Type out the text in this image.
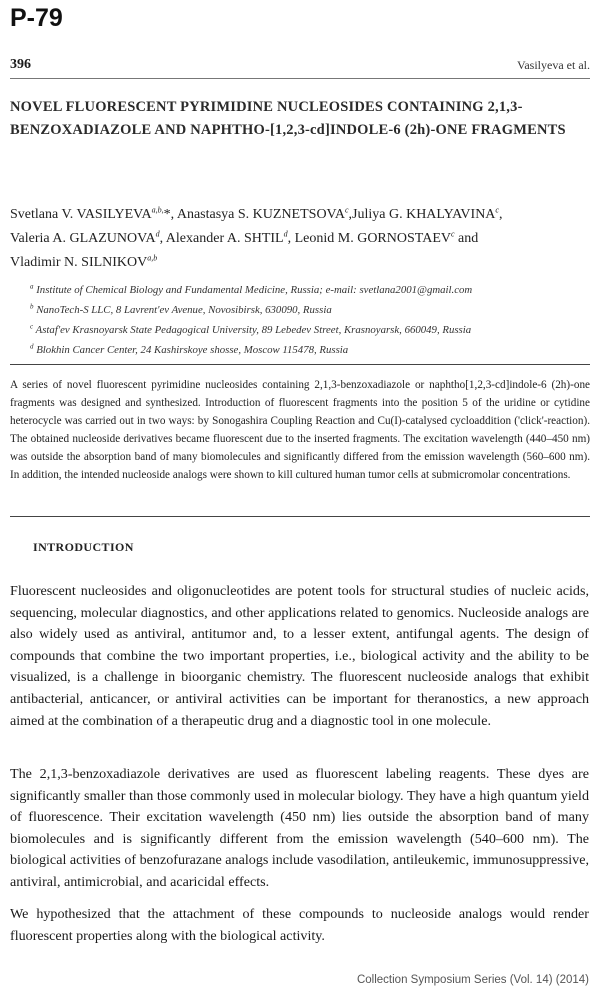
P-79
396	Vasilyeva et al.
NOVEL FLUORESCENT PYRIMIDINE NUCLEOSIDES CONTAINING 2,1,3-BENZOXADIAZOLE AND NAPHTHO-[1,2,3-cd]INDOLE-6 (2h)-ONE FRAGMENTS

Svetlana V. $VASILYEVA^{a,b,}*$, Anastasya S. KUZNETSOVA$^c$,Juliya G. KHALYAVINA$^c$,
Valeria A. GLAZUNOVA$^d$, Alexander A. SHTIL$^d$, Leonid M. GORNOSTAEV$^c$ and
Vladimir N. SILNIKOV$^{a,b}$

$^a$ Institute of Chemical Biology and Fundamental Medicine, Russia; e-mail: svetlana2001@gmail.com
$^b$ NanoTech-S LLC, 8 Lavrent'ev Avenue, Novosibirsk, 630090, Russia
$^c$ Astaf'ev Krasnoyarsk State Pedagogical University, 89 Lebedev Street, Krasnoyarsk, 660049, Russia
$^d$ Blokhin Cancer Center, 24 Kashirskoye shosse, Moscow 115478, Russia

A series of novel fluorescent pyrimidine nucleosides containing 2,1,3-benzoxadiazole or naphtho[1,2,3-cd]indole-6 (2h)-one fragments was designed and synthesized. Introduction of fluorescent fragments into the position 5 of the uridine or cytidine heterocycle was carried out in two ways: by Sonogashira Coupling Reaction and Cu(I)-catalysed cycloaddition ('click'-reaction). The obtained nucleoside derivatives became fluorescent due to the inserted fragments. The excitation wavelength (440–450 nm) was outside the absorption band of many biomolecules and significantly differed from the emission wavelength (560–600 nm). In addition, the intended nucleoside analogs were shown to kill cultured human tumor cells at submicromolar concentrations.

INTRODUCTION

Fluorescent nucleosides and oligonucleotides are potent tools for structural studies of nucleic acids, sequencing, molecular diagnostics, and other applications related to genomics. Nucleoside analogs are also widely used as antiviral, antitumor and, to a lesser extent, antifungal agents. The design of compounds that combine the two important properties, i.e., biological activity and the ability to be visualized, is a challenge in bioorganic chemistry. The fluorescent nucleoside analogs that exhibit antibacterial, anticancer, or antiviral activities can be important for theranostics, a new approach aimed at the combination of a therapeutic drug and a diagnostic tool in one molecule.

The 2,1,3-benzoxadiazole derivatives are used as fluorescent labeling reagents. These dyes are significantly smaller than those commonly used in molecular biology. They have a high quantum yield of fluorescence. Their excitation wavelength (450 nm) lies outside the absorption band of many biomolecules and is significantly different from the emission wavelength (540–600 nm). The biological activities of benzofurazane analogs include vasodilation, antileukemic, immunosuppressive, antiviral, antimicrobial, and acaricidal effects.

We hypothesized that the attachment of these compounds to nucleoside analogs would render fluorescent properties along with the biological activity.

Collection Symposium Series (Vol. 14) (2014)
